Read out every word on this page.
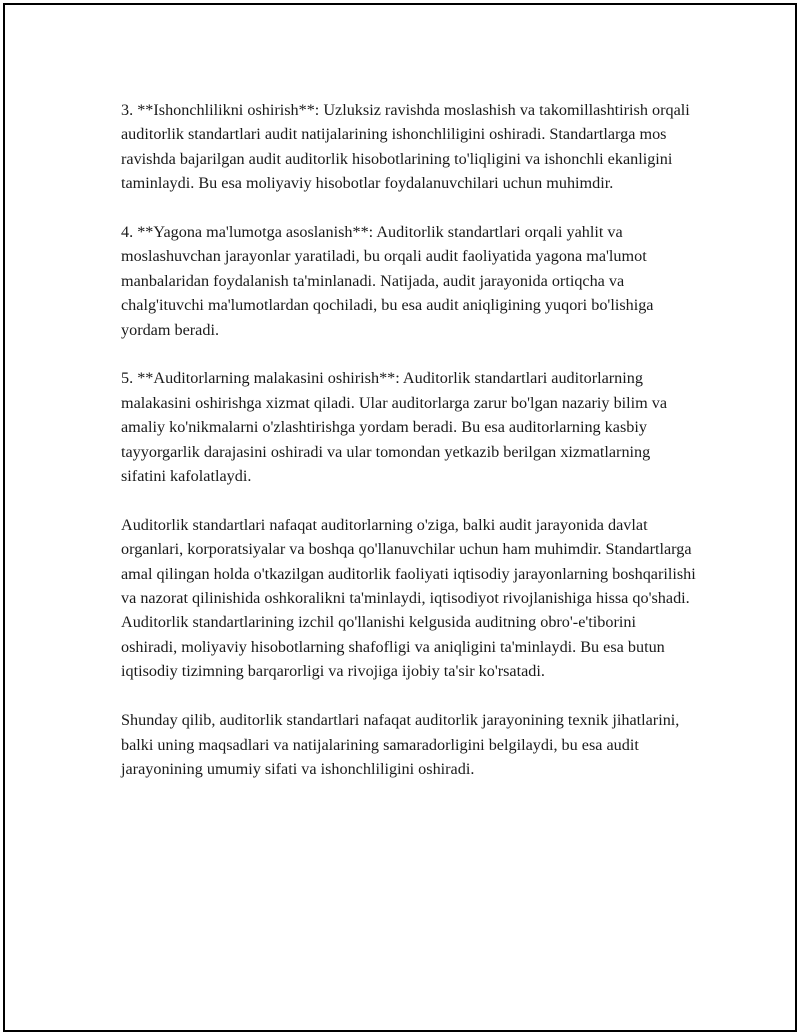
3. **Ishonchlilikni oshirish**: Uzluksiz ravishda moslashish va takomillashtirish orqali auditorlik standartlari audit natijalarining ishonchliligini oshiradi. Standartlarga mos ravishda bajarilgan audit auditorlik hisobotlarining to'liqligini va ishonchli ekanligini taminlaydi. Bu esa moliyaviy hisobotlar foydalanuvchilari uchun muhimdir.

4. **Yagona ma'lumotga asoslanish**: Auditorlik standartlari orqali yahlit va moslashuvchan jarayonlar yaratiladi, bu orqali audit faoliyatida yagona ma'lumot manbalaridan foydalanish ta'minlanadi. Natijada, audit jarayonida ortiqcha va chalg'ituvchi ma'lumotlardan qochiladi, bu esa audit aniqligining yuqori bo'lishiga yordam beradi.

5. **Auditorlarning malakasini oshirish**: Auditorlik standartlari auditorlarning malakasini oshirishga xizmat qiladi. Ular auditorlarga zarur bo'lgan nazariy bilim va amaliy ko'nikmalarni o'zlashtirishga yordam beradi. Bu esa auditorlarning kasbiy tayyorgarlik darajasini oshiradi va ular tomondan yetkazib berilgan xizmatlarning sifatini kafolatlaydi.

Auditorlik standartlari nafaqat auditorlarning o'ziga, balki audit jarayonida davlat organlari, korporatsiyalar va boshqa qo'llanuvchilar uchun ham muhimdir. Standartlarga amal qilingan holda o'tkazilgan auditorlik faoliyati iqtisodiy jarayonlarning boshqarilishi va nazorat qilinishida oshkoralikni ta'minlaydi, iqtisodiyot rivojlanishiga hissa qo'shadi. Auditorlik standartlarining izchil qo'llanishi kelgusida auditning obro'-e'tiborini oshiradi, moliyaviy hisobotlarning shafofligi va aniqligini ta'minlaydi. Bu esa butun iqtisodiy tizimning barqarorligi va rivojiga ijobiy ta'sir ko'rsatadi.

Shunday qilib, auditorlik standartlari nafaqat auditorlik jarayonining texnik jihatlarini, balki uning maqsadlari va natijalarining samaradorligini belgilaydi, bu esa audit jarayonining umumiy sifati va ishonchliligini oshiradi.
